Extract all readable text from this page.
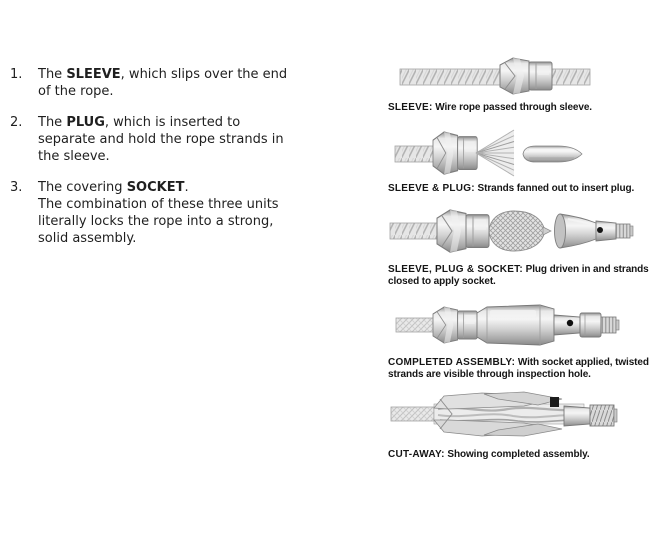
1.	The SLEEVE, which slips over the end
of the rope.
2.	The PLUG, which is inserted to
separate and hold the rope strands in
the sleeve.
3.	The covering SOCKET.
The combination of these three units
literally locks the rope into a strong,
solid assembly.
SLEEVE: Wire rope passed through sleeve.
SLEEVE & PLUG: Strands fanned out to insert plug.
SLEEVE, PLUG & SOCKET: Plug driven in and strands
closed to apply socket.
COMPLETED ASSEMBLY: With socket applied, twisted
strands are visible through inspection hole.
CUT-AWAY: Showing completed assembly.
